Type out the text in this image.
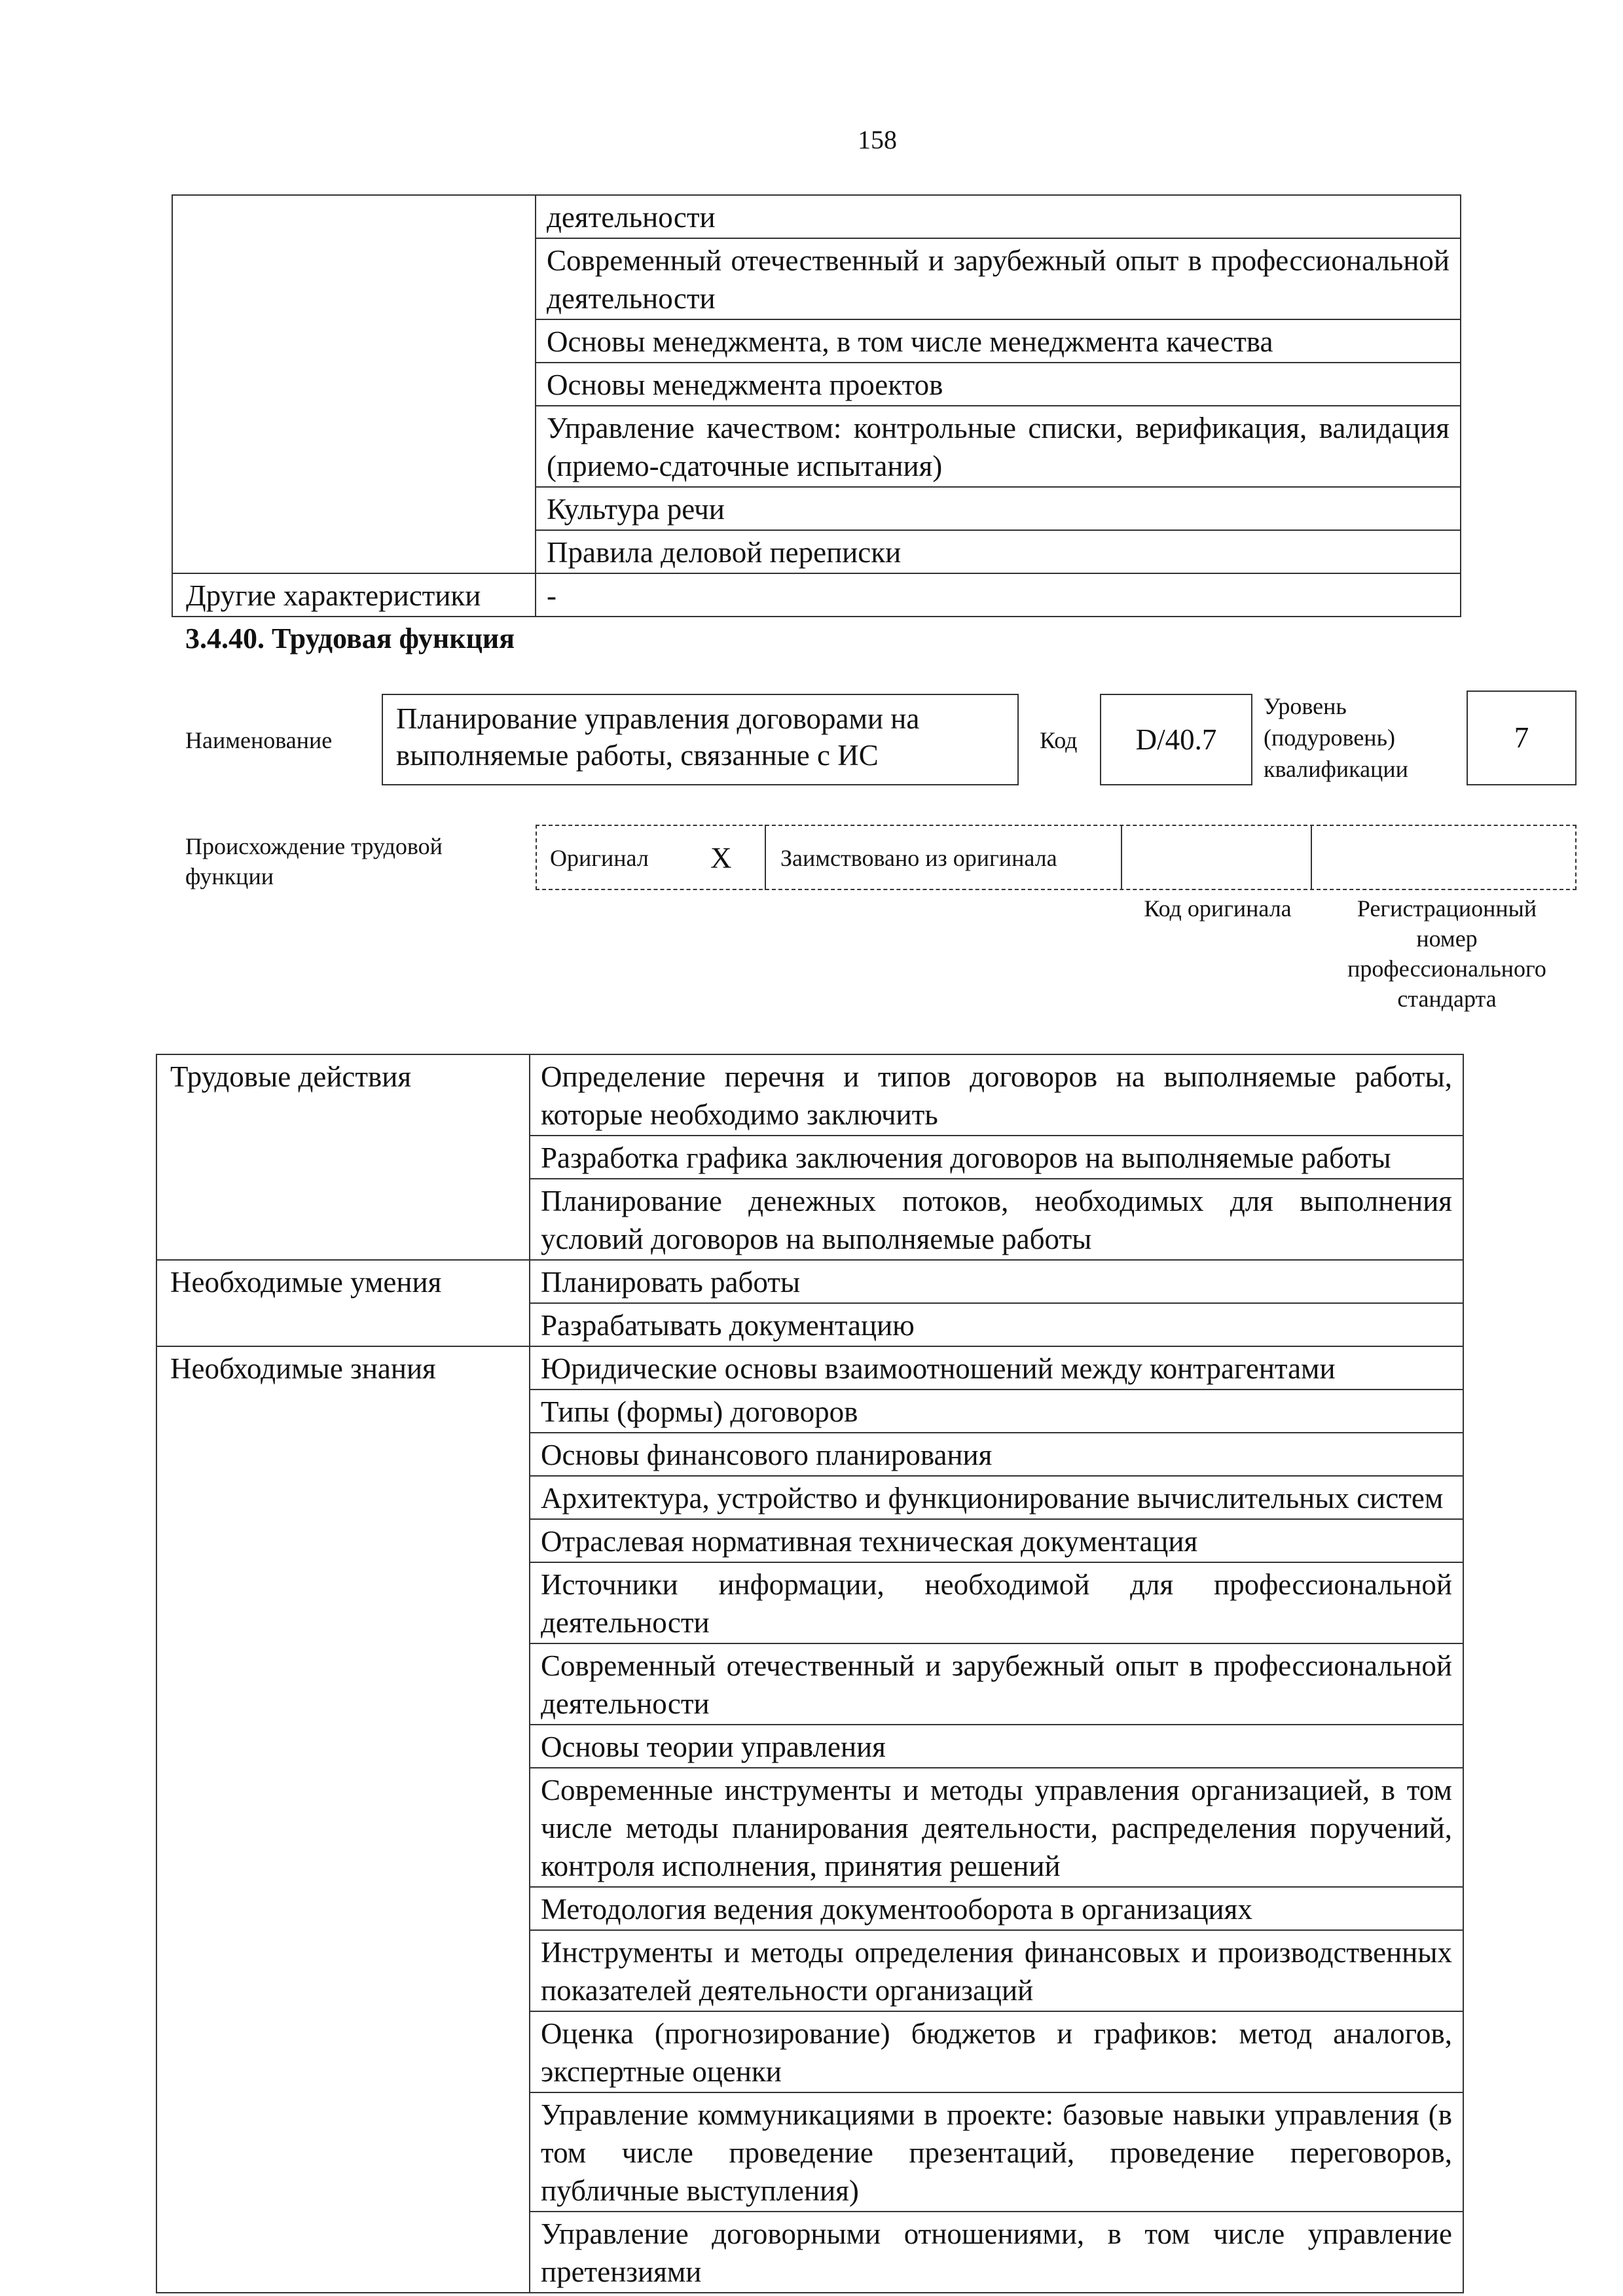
158
	деятельности
	Современный отечественный и зарубежный опыт в профессиональной деятельности
	Основы менеджмента, в том числе менеджмента качества
	Основы менеджмента проектов
	Управление качеством: контрольные списки, верификация, валидация (приемо-сдаточные испытания)
	Культура речи
	Правила деловой переписки
Другие характеристики	-
3.4.40. Трудовая функция
Наименование
Планирование управления договорами на выполняемые работы, связанные с ИС	Код	D/40.7
Уровень (подуровень) квалификации
7
Происхождение трудовой функции
Оригинал X Заимствовано из оригинала
Код оригинала	Регистрационный номер профессионального стандарта
Трудовые действия	Определение перечня и типов договоров на выполняемые работы, которые необходимо заключить
	Разработка графика заключения договоров на выполняемые работы
	Планирование денежных потоков, необходимых для выполнения условий договоров на выполняемые работы
Необходимые умения	Планировать работы
	Разрабатывать документацию
Необходимые знания	Юридические основы взаимоотношений между контрагентами
	Типы (формы) договоров
	Основы финансового планирования
	Архитектура, устройство и функционирование вычислительных систем
	Отраслевая нормативная техническая документация
	Источники информации, необходимой для профессиональной деятельности
	Современный отечественный и зарубежный опыт в профессиональной деятельности
	Основы теории управления
	Современные инструменты и методы управления организацией, в том числе методы планирования деятельности, распределения поручений, контроля исполнения, принятия решений
	Методология ведения документооборота в организациях
	Инструменты и методы определения финансовых и производственных показателей деятельности организаций
	Оценка (прогнозирование) бюджетов и графиков: метод аналогов, экспертные оценки
	Управление коммуникациями в проекте: базовые навыки управления (в том числе проведение презентаций, проведение переговоров, публичные выступления)
	Управление договорными отношениями, в том числе управление претензиями
